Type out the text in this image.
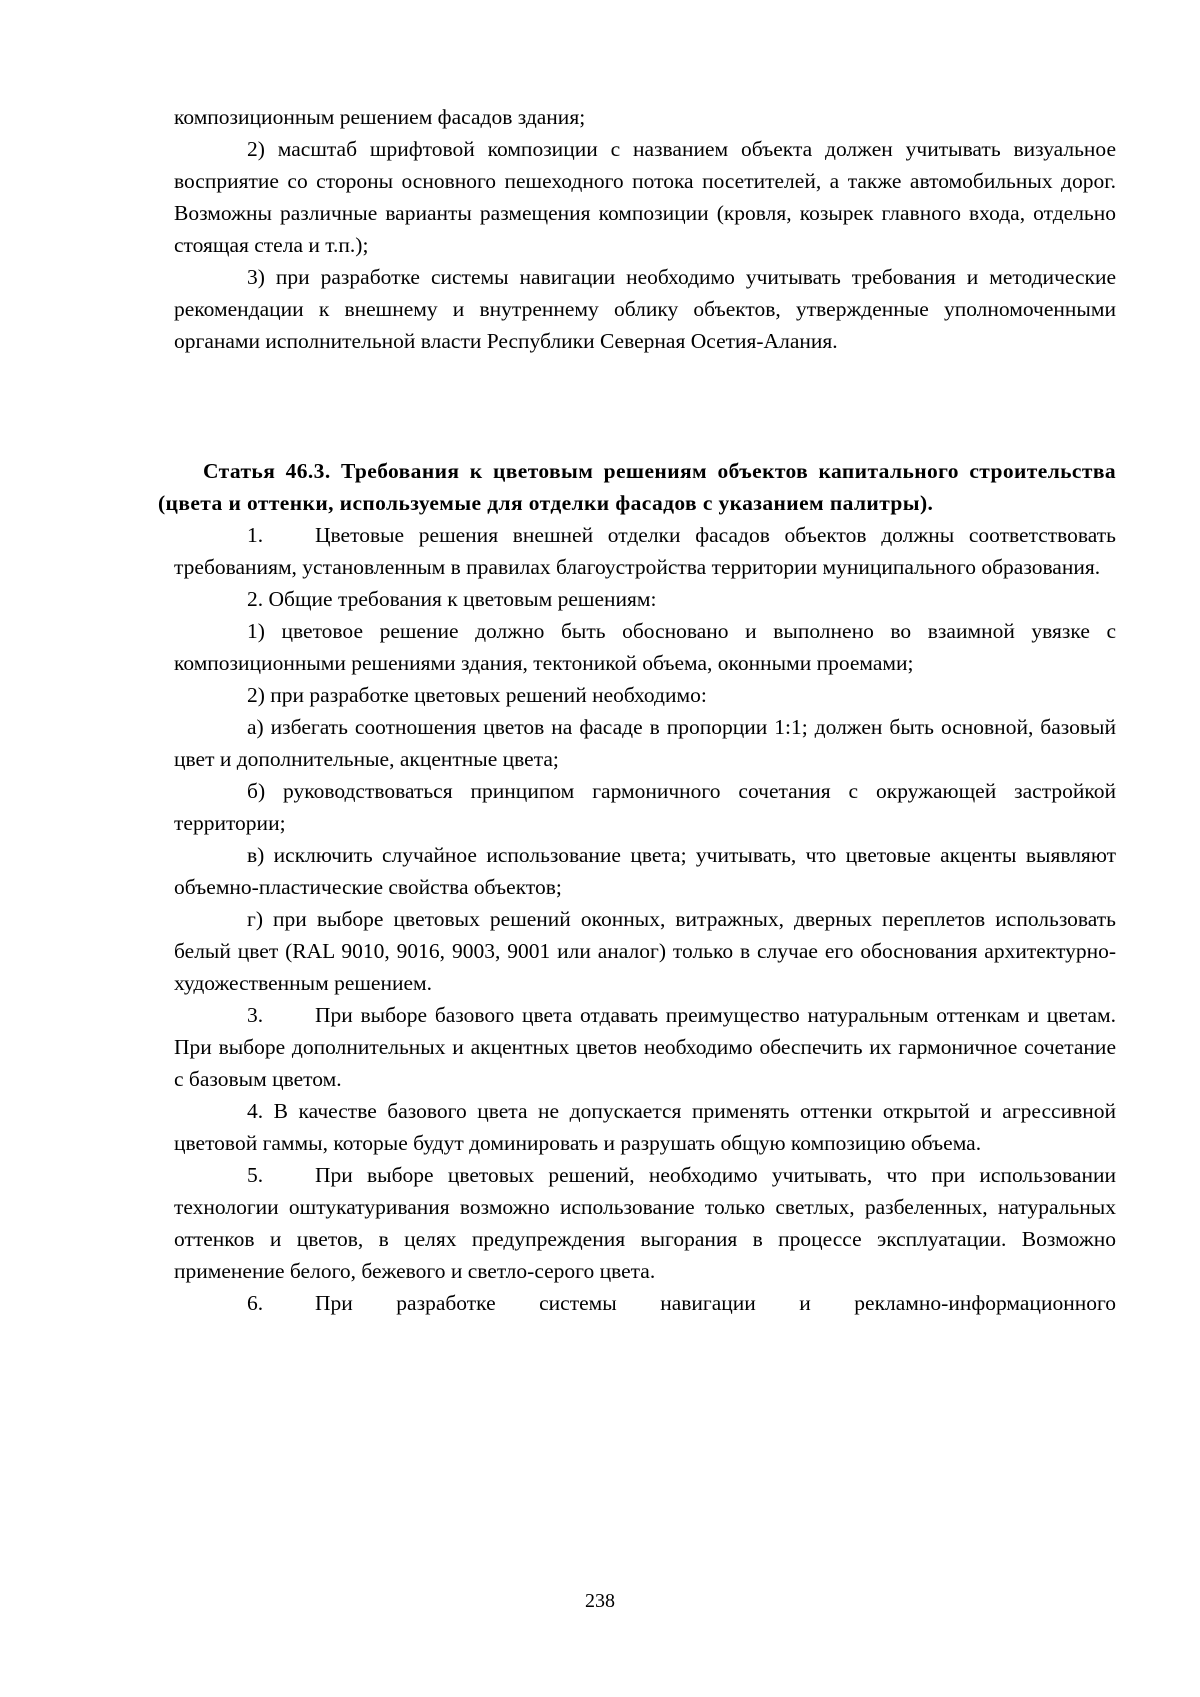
композиционным решением фасадов здания;

2) масштаб шрифтовой композиции с названием объекта должен учитывать визуальное восприятие со стороны основного пешеходного потока посетителей, а также автомобильных дорог. Возможны различные варианты размещения композиции (кровля, козырек главного входа, отдельно стоящая стела и т.п.);

3) при разработке системы навигации необходимо учитывать требования и методические рекомендации к внешнему и внутреннему облику объектов, утвержденные уполномоченными органами исполнительной власти Республики Северная Осетия-Алания.

Статья 46.3. Требования к цветовым решениям объектов капитального строительства (цвета и оттенки, используемые для отделки фасадов с указанием палитры).

1. Цветовые решения внешней отделки фасадов объектов должны соответствовать требованиям, установленным в правилах благоустройства территории муниципального образования.

2. Общие требования к цветовым решениям:

1) цветовое решение должно быть обосновано и выполнено во взаимной увязке с композиционными решениями здания, тектоникой объема, оконными проемами;

2) при разработке цветовых решений необходимо:

а) избегать соотношения цветов на фасаде в пропорции 1:1; должен быть основной, базовый цвет и дополнительные, акцентные цвета;

б) руководствоваться принципом гармоничного сочетания с окружающей застройкой территории;

в) исключить случайное использование цвета; учитывать, что цветовые акценты выявляют объемно-пластические свойства объектов;

г) при выборе цветовых решений оконных, витражных, дверных переплетов использовать белый цвет (RAL 9010, 9016, 9003, 9001 или аналог) только в случае его обоснования архитектурно-художественным решением.

3. При выборе базового цвета отдавать преимущество натуральным оттенкам и цветам. При выборе дополнительных и акцентных цветов необходимо обеспечить их гармоничное сочетание с базовым цветом.

4. В качестве базового цвета не допускается применять оттенки открытой и агрессивной цветовой гаммы, которые будут доминировать и разрушать общую композицию объема.

5. При выборе цветовых решений, необходимо учитывать, что при использовании технологии оштукатуривания возможно использование только светлых, разбеленных, натуральных оттенков и цветов, в целях предупреждения выгорания в процессе эксплуатации. Возможно применение белого, бежевого и светло-серого цвета.

6. При разработке системы навигации и рекламно-информационного

238
